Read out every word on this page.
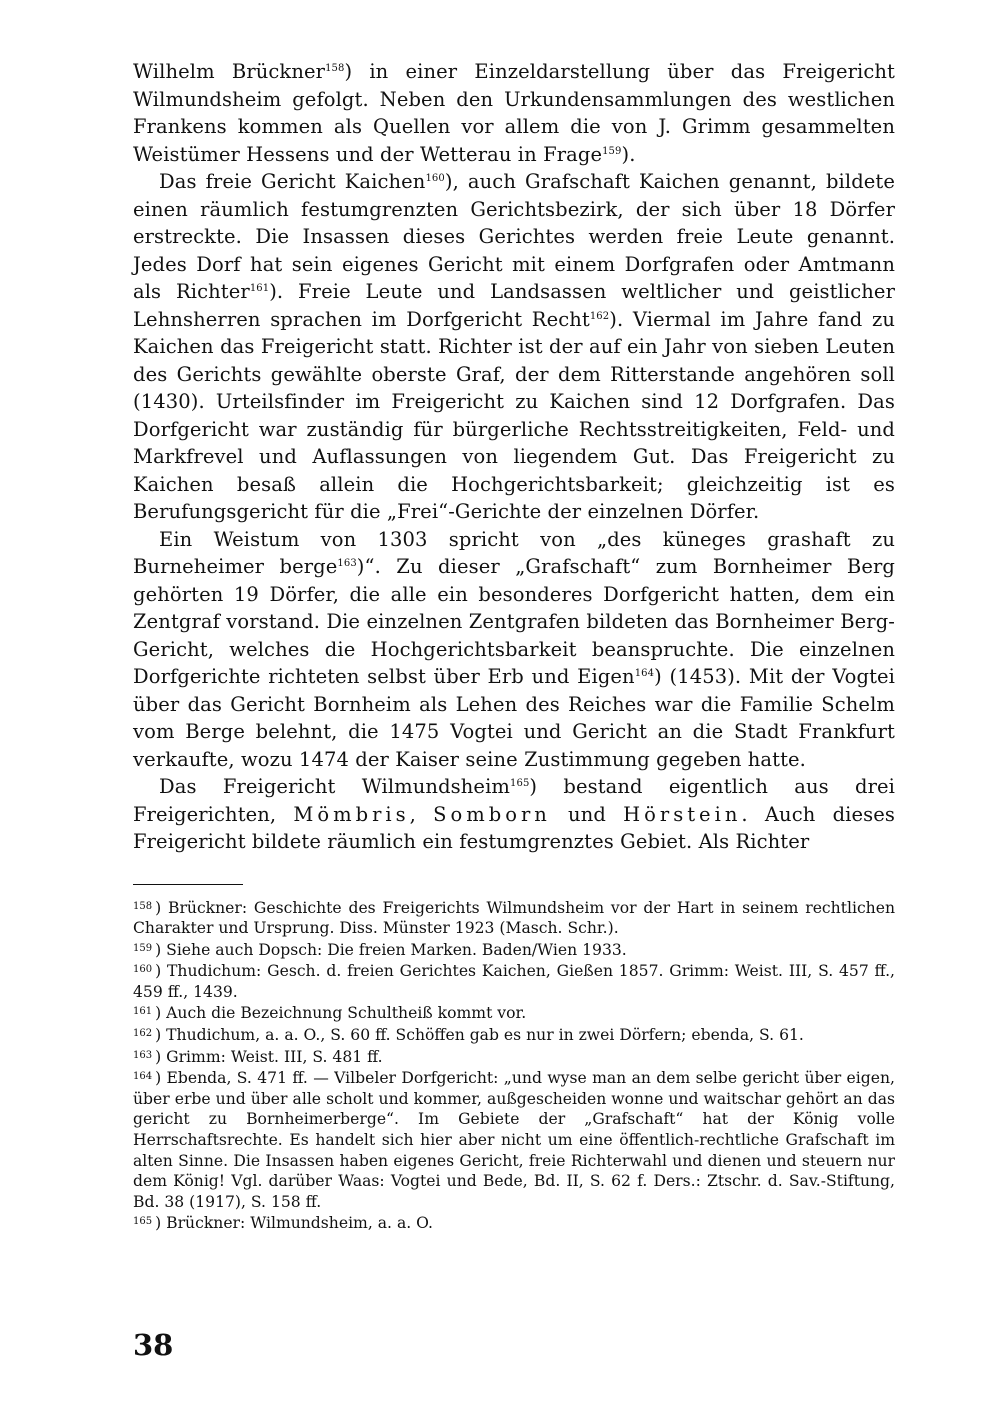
Wilhelm Brückner$^{158}$) in einer Einzeldarstellung über das Freigericht Wilmundsheim gefolgt. Neben den Urkundensammlungen des westlichen Frankens kommen als Quellen vor allem die von J. Grimm gesammelten Weistümer Hessens und der Wetterau in Frage$^{159}$).

Das freie Gericht Kaichen$^{160}$), auch Grafschaft Kaichen genannt, bildete einen räumlich festumgrenzten Gerichtsbezirk, der sich über 18 Dörfer erstreckte. Die Insassen dieses Gerichtes werden freie Leute genannt. Jedes Dorf hat sein eigenes Gericht mit einem Dorfgrafen oder Amtmann als Richter$^{161}$). Freie Leute und Landsassen weltlicher und geistlicher Lehnsherren sprachen im Dorfgericht Recht$^{162}$). Viermal im Jahre fand zu Kaichen das Freigericht statt. Richter ist der auf ein Jahr von sieben Leuten des Gerichts gewählte oberste Graf, der dem Ritterstande angehören soll (1430). Urteilsfinder im Freigericht zu Kaichen sind 12 Dorfgrafen. Das Dorfgericht war zuständig für bürgerliche Rechtsstreitigkeiten, Feld- und Markfrevel und Auflassungen von liegendem Gut. Das Freigericht zu Kaichen besaß allein die Hochgerichtsbarkeit; gleichzeitig ist es Berufungsgericht für die „Frei“-Gerichte der einzelnen Dörfer.

Ein Weistum von 1303 spricht von „des küneges grashaft zu Burneheimer berge$^{163}$)“. Zu dieser „Grafschaft“ zum Bornheimer Berg gehörten 19 Dörfer, die alle ein besonderes Dorfgericht hatten, dem ein Zentgraf vorstand. Die einzelnen Zentgrafen bildeten das Bornheimer Berg-Gericht, welches die Hochgerichtsbarkeit beanspruchte. Die einzelnen Dorfgerichte richteten selbst über Erb und Eigen$^{164}$) (1453). Mit der Vogtei über das Gericht Bornheim als Lehen des Reiches war die Familie Schelm vom Berge belehnt, die 1475 Vogtei und Gericht an die Stadt Frankfurt verkaufte, wozu 1474 der Kaiser seine Zustimmung gegeben hatte.

Das Freigericht Wilmundsheim$^{165}$) bestand eigentlich aus drei Freigerichten, Mömbris, Somborn und Hörstein. Auch dieses Freigericht bildete räumlich ein festumgrenztes Gebiet. Als Richter

$^{158}$ ) Brückner: Geschichte des Freigerichts Wilmundsheim vor der Hart in seinem rechtlichen Charakter und Ursprung. Diss. Münster 1923 (Masch. Schr.).
$^{159}$ ) Siehe auch Dopsch: Die freien Marken. Baden/Wien 1933.
$^{160}$ ) Thudichum: Gesch. d. freien Gerichtes Kaichen, Gießen 1857. Grimm: Weist. III, S. 457 ff., 459 ff., 1439.
$^{161}$ ) Auch die Bezeichnung Schultheiß kommt vor.
$^{162}$ ) Thudichum, a. a. O., S. 60 ff. Schöffen gab es nur in zwei Dörfern; ebenda, S. 61.
$^{163}$ ) Grimm: Weist. III, S. 481 ff.
$^{164}$ ) Ebenda, S. 471 ff. — Vilbeler Dorfgericht: „und wyse man an dem selbe gericht über eigen, über erbe und über alle scholt und kommer, außgescheiden wonne und waitschar gehört an das gericht zu Bornheimerberge“. Im Gebiete der „Grafschaft“ hat der König volle Herrschaftsrechte. Es handelt sich hier aber nicht um eine öffentlich-rechtliche Grafschaft im alten Sinne. Die Insassen haben eigenes Gericht, freie Richterwahl und dienen und steuern nur dem König! Vgl. darüber Waas: Vogtei und Bede, Bd. II, S. 62 f. Ders.: Ztschr. d. Sav.-Stiftung, Bd. 38 (1917), S. 158 ff.
$^{165}$ ) Brückner: Wilmundsheim, a. a. O.
38
